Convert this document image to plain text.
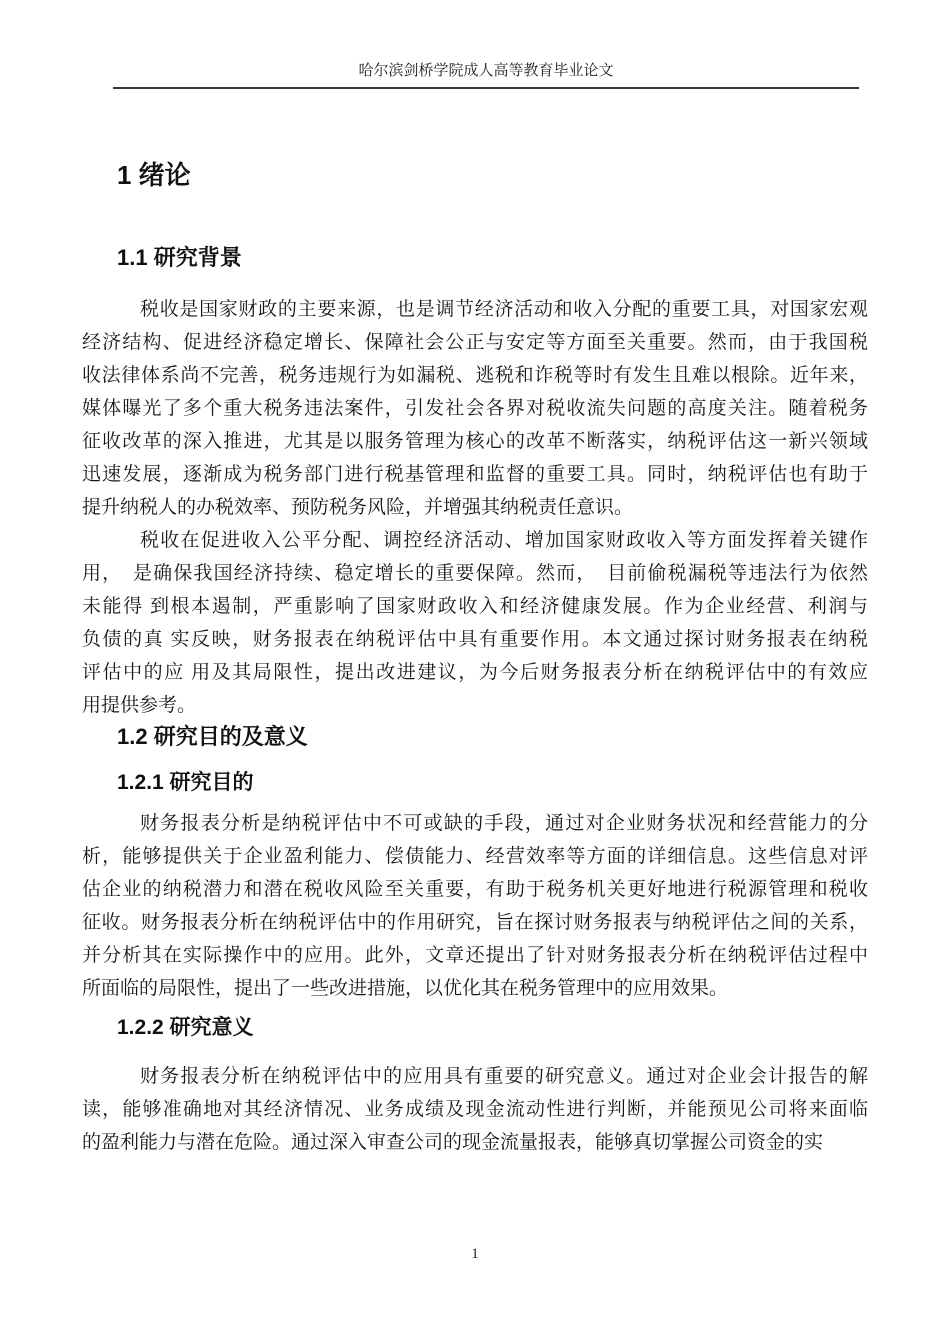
哈尔滨剑桥学院成人高等教育毕业论文
1 绪论
1.1 研究背景
税收是国家财政的主要来源，也是调节经济活动和收入分配的重要工具，对国家宏观
经济结构、促进经济稳定增长、保障社会公正与安定等方面至关重要。然而，由于我国税
收法律体系尚不完善，税务违规行为如漏税、逃税和诈税等时有发生且难以根除。近年来，
媒体曝光了多个重大税务违法案件，引发社会各界对税收流失问题的高度关注。随着税务
征收改革的深入推进，尤其是以服务管理为核心的改革不断落实，纳税评估这一新兴领域
迅速发展，逐渐成为税务部门进行税基管理和监督的重要工具。同时，纳税评估也有助于
提升纳税人的办税效率、预防税务风险，并增强其纳税责任意识。
税收在促进收入公平分配、调控经济活动、增加国家财政收入等方面发挥着关键作
用，　是确保我国经济持续、稳定增长的重要保障。然而，　目前偷税漏税等违法行为依然
未能得 到根本遏制，严重影响了国家财政收入和经济健康发展。作为企业经营、利润与
负债的真 实反映，财务报表在纳税评估中具有重要作用。本文通过探讨财务报表在纳税
评估中的应 用及其局限性，提出改进建议，为今后财务报表分析在纳税评估中的有效应
用提供参考。
1.2 研究目的及意义
1.2.1 研究目的
财务报表分析是纳税评估中不可或缺的手段，通过对企业财务状况和经营能力的分
析，能够提供关于企业盈利能力、偿债能力、经营效率等方面的详细信息。这些信息对评
估企业的纳税潜力和潜在税收风险至关重要，有助于税务机关更好地进行税源管理和税收
征收。财务报表分析在纳税评估中的作用研究，旨在探讨财务报表与纳税评估之间的关系，
并分析其在实际操作中的应用。此外，文章还提出了针对财务报表分析在纳税评估过程中
所面临的局限性，提出了一些改进措施，以优化其在税务管理中的应用效果。
1.2.2 研究意义
财务报表分析在纳税评估中的应用具有重要的研究意义。通过对企业会计报告的解
读，能够准确地对其经济情况、业务成绩及现金流动性进行判断，并能预见公司将来面临
的盈利能力与潜在危险。通过深入审查公司的现金流量报表，能够真切掌握公司资金的实
1
